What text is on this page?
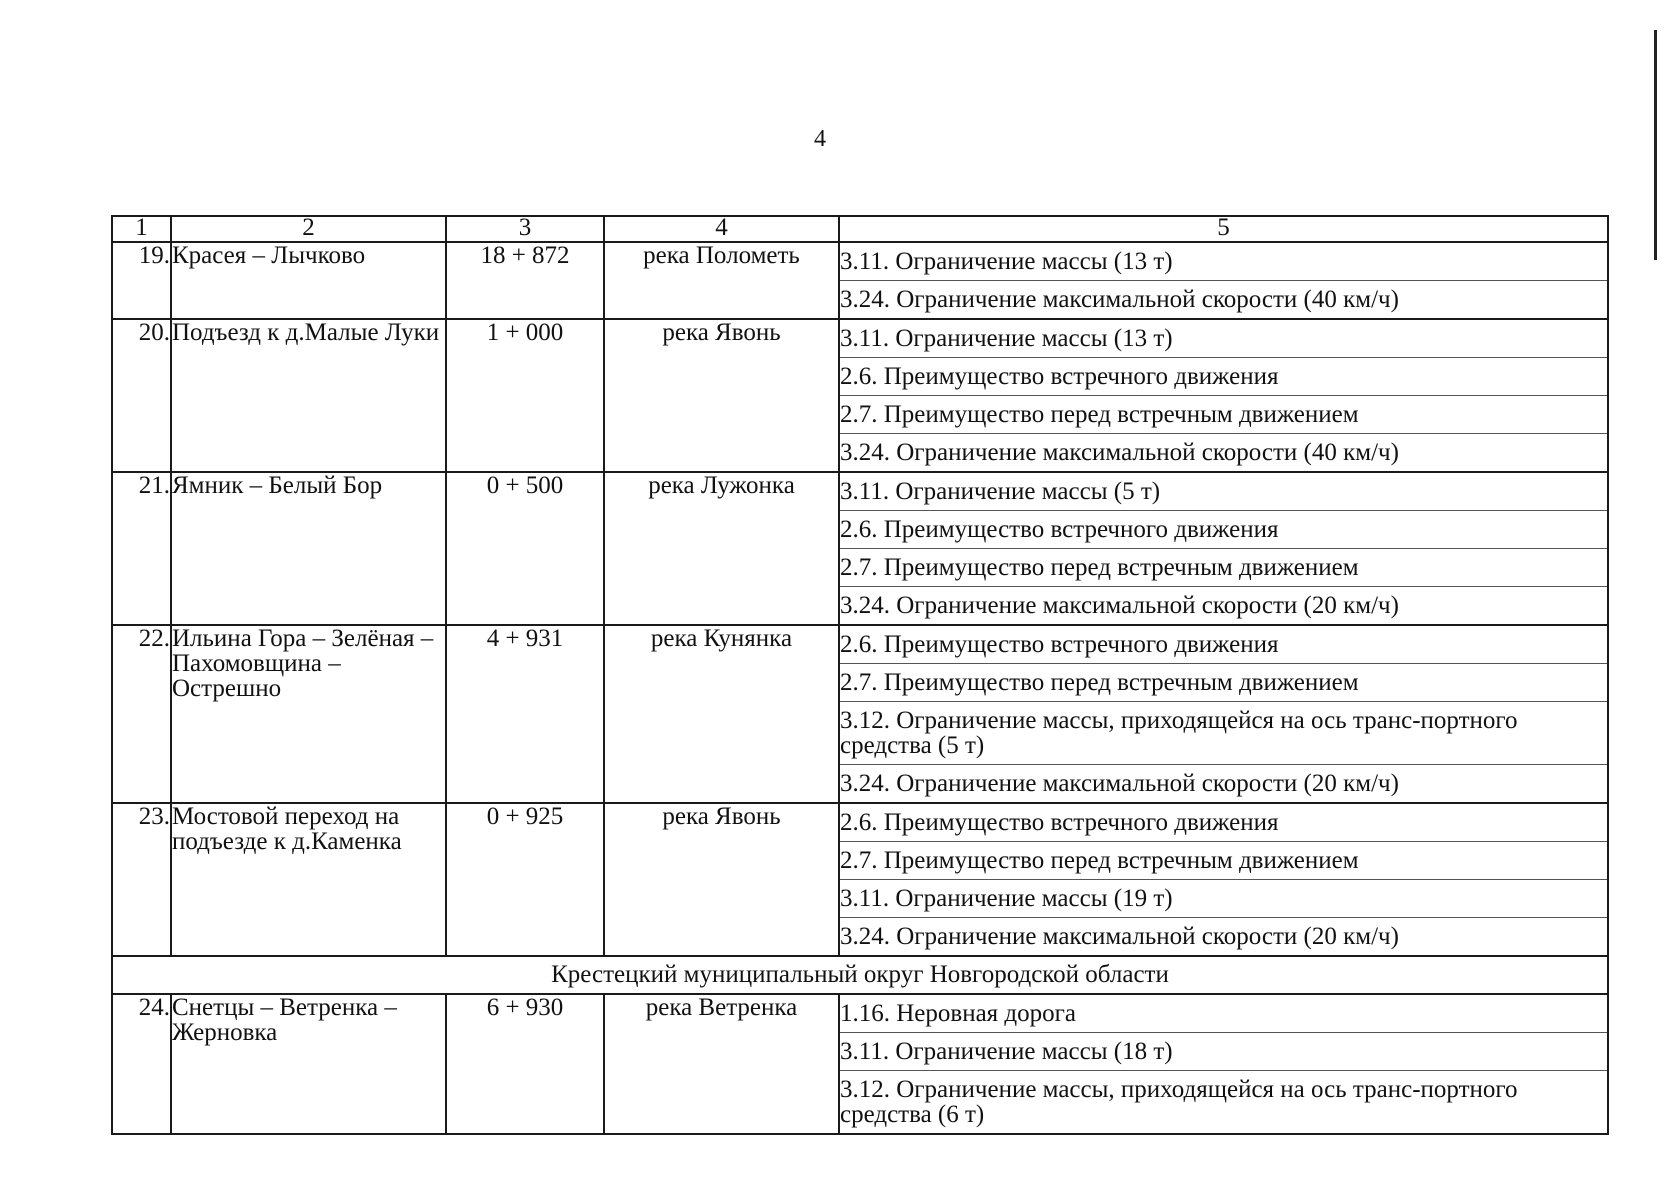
4
1	2	3	4	5
19.	Красея – Лычково	18 + 872	река Полометь	3.11. Ограничение массы (13 т)
3.24. Ограничение максимальной скорости (40 км/ч)

20.	Подъезд к д.Малые Луки	1 + 000	река Явонь	3.11. Ограничение массы (13 т)
2.6. Преимущество встречного движения
2.7. Преимущество перед встречным движением
3.24. Ограничение максимальной скорости (40 км/ч)

21.	Ямник – Белый Бор	0 + 500	река Лужонка	3.11. Ограничение массы (5 т)
2.6. Преимущество встречного движения
2.7. Преимущество перед встречным движением
3.24. Ограничение максимальной скорости (20 км/ч)

22.	Ильина Гора – Зелёная – Пахомовщина – Острешно	4 + 931	река Кунянка	2.6. Преимущество встречного движения
2.7. Преимущество перед встречным движением
3.12. Ограничение массы, приходящейся на ось транс-портного средства (5 т)
3.24. Ограничение максимальной скорости (20 км/ч)

23.	Мостовой переход на подъезде к д.Каменка	0 + 925	река Явонь	2.6. Преимущество встречного движения
2.7. Преимущество перед встречным движением
3.11. Ограничение массы (19 т)
3.24. Ограничение максимальной скорости (20 км/ч)

Крестецкий муниципальный округ Новгородской области				
24.	Снетцы – Ветренка – Жерновка	6 + 930	река Ветренка	1.16. Неровная дорога
3.11. Ограничение массы (18 т)
3.12. Ограничение массы, приходящейся на ось транс-портного средства (6 т)
